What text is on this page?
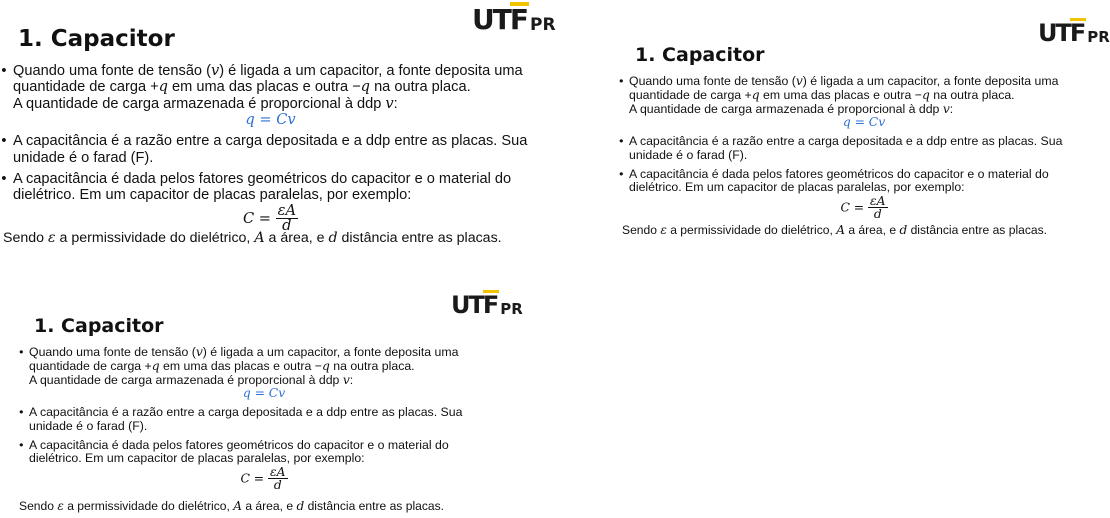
1. Capacitor
UT F PR
• Quando uma fonte de tensão (v) é ligada a um capacitor, a fonte deposita uma quantidade de carga +q em uma das placas e outra −q na outra placa.
A quantidade de carga armazenada é proporcional à ddp v:
q = Cv
• A capacitância é a razão entre a carga depositada e a ddp entre as placas. Sua unidade é o farad (F).
• A capacitância é dada pelos fatores geométricos do capacitor e o material do dielétrico. Em um capacitor de placas paralelas, por exemplo:
$C = \frac{\varepsilon A}{d}$
Sendo ε a permissividade do dielétrico, A a área, e d distância entre as placas.
1. Capacitor
UT F PR
• Quando uma fonte de tensão (v) é ligada a um capacitor, a fonte deposita uma quantidade de carga +q em uma das placas e outra −q na outra placa.
A quantidade de carga armazenada é proporcional à ddp v:
q = Cv
• A capacitância é a razão entre a carga depositada e a ddp entre as placas. Sua unidade é o farad (F).
• A capacitância é dada pelos fatores geométricos do capacitor e o material do dielétrico. Em um capacitor de placas paralelas, por exemplo:
$C = \frac{\varepsilon A}{d}$
Sendo ε a permissividade do dielétrico, A a área, e d distância entre as placas.
1. Capacitor
UT F PR
• Quando uma fonte de tensão (v) é ligada a um capacitor, a fonte deposita uma quantidade de carga +q em uma das placas e outra −q na outra placa.
A quantidade de carga armazenada é proporcional à ddp v:
q = Cv
• A capacitância é a razão entre a carga depositada e a ddp entre as placas. Sua unidade é o farad (F).
• A capacitância é dada pelos fatores geométricos do capacitor e o material do dielétrico. Em um capacitor de placas paralelas, por exemplo:
$C = \frac{\varepsilon A}{d}$
Sendo ε a permissividade do dielétrico, A a área, e d distância entre as placas.
